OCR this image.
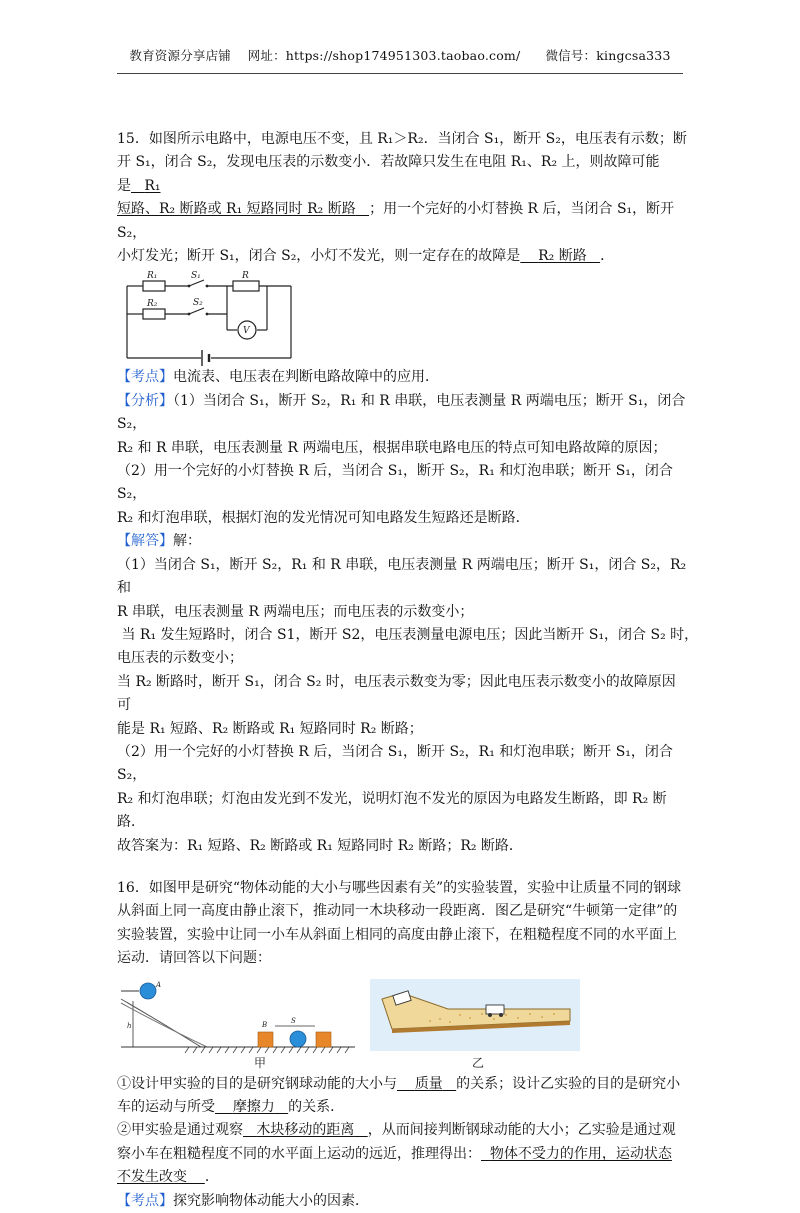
教育资源分享店铺    网址：https://shop174951303.taobao.com/      微信号：kingcsa333

15．如图所示电路中，电源电压不变，且 R₁＞R₂．当闭合 S₁，断开 S₂，电压表有示数；断

开 S₁，闭合 S₂，发现电压表的示数变小．若故障只发生在电阻 R₁、R₂ 上，则故障可能是 R₁

短路、R₂ 断路或 R₁ 短路同时 R₂ 断路 ；用一个完好的小灯替换 R 后，当闭合 S₁，断开 S₂，

小灯发光；断开 S₁，闭合 S₂，小灯不发光，则一定存在的故障是 R₂ 断路 ．

R₁	S₁	R
R₂	S₂
V

【考点】电流表、电压表在判断电路故障中的应用．

【分析】（1）当闭合 S₁，断开 S₂，R₁ 和 R 串联，电压表测量 R 两端电压；断开 S₁，闭合 S₂，

R₂ 和 R 串联，电压表测量 R 两端电压，根据串联电路电压的特点可知电路故障的原因；

（2）用一个完好的小灯替换 R 后，当闭合 S₁，断开 S₂，R₁ 和灯泡串联；断开 S₁，闭合 S₂，

R₂ 和灯泡串联，根据灯泡的发光情况可知电路发生短路还是断路．

【解答】解：

（1）当闭合 S₁，断开 S₂，R₁ 和 R 串联，电压表测量 R 两端电压；断开 S₁，闭合 S₂，R₂ 和

R 串联，电压表测量 R 两端电压；而电压表的示数变小；

当 R₁ 发生短路时，闭合 S1，断开 S2，电压表测量电源电压；因此当断开 S₁，闭合 S₂ 时，

电压表的示数变小；

当 R₂ 断路时，断开 S₁，闭合 S₂ 时，电压表示数变为零；因此电压表示数变小的故障原因可

能是 R₁ 短路、R₂ 断路或 R₁ 短路同时 R₂ 断路；

（2）用一个完好的小灯替换 R 后，当闭合 S₁，断开 S₂，R₁ 和灯泡串联；断开 S₁，闭合 S₂，

R₂ 和灯泡串联；灯泡由发光到不发光，说明灯泡不发光的原因为电路发生断路，即 R₂ 断路．

故答案为：R₁ 短路、R₂ 断路或 R₁ 短路同时 R₂ 断路；R₂ 断路．

16．如图甲是研究“物体动能的大小与哪些因素有关”的实验装置，实验中让质量不同的钢球

从斜面上同一高度由静止滚下，推动同一木块移动一段距离．图乙是研究“牛顿第一定律”的

实验装置，实验中让同一小车从斜面上相同的高度由静止滚下，在粗糙程度不同的水平面上

运动．请回答以下问题：

A
h	B	S
甲	乙

①设计甲实验的目的是研究钢球动能的大小与 质量 的关系；设计乙实验的目的是研究小

车的运动与所受 摩擦力 的关系．

②甲实验是通过观察 木块移动的距离 ，从而间接判断钢球动能的大小；乙实验是通过观

察小车在粗糙程度不同的水平面上运动的远近，推理得出： 物体不受力的作用，运动状态

不发生改变 ．

【考点】探究影响物体动能大小的因素．
